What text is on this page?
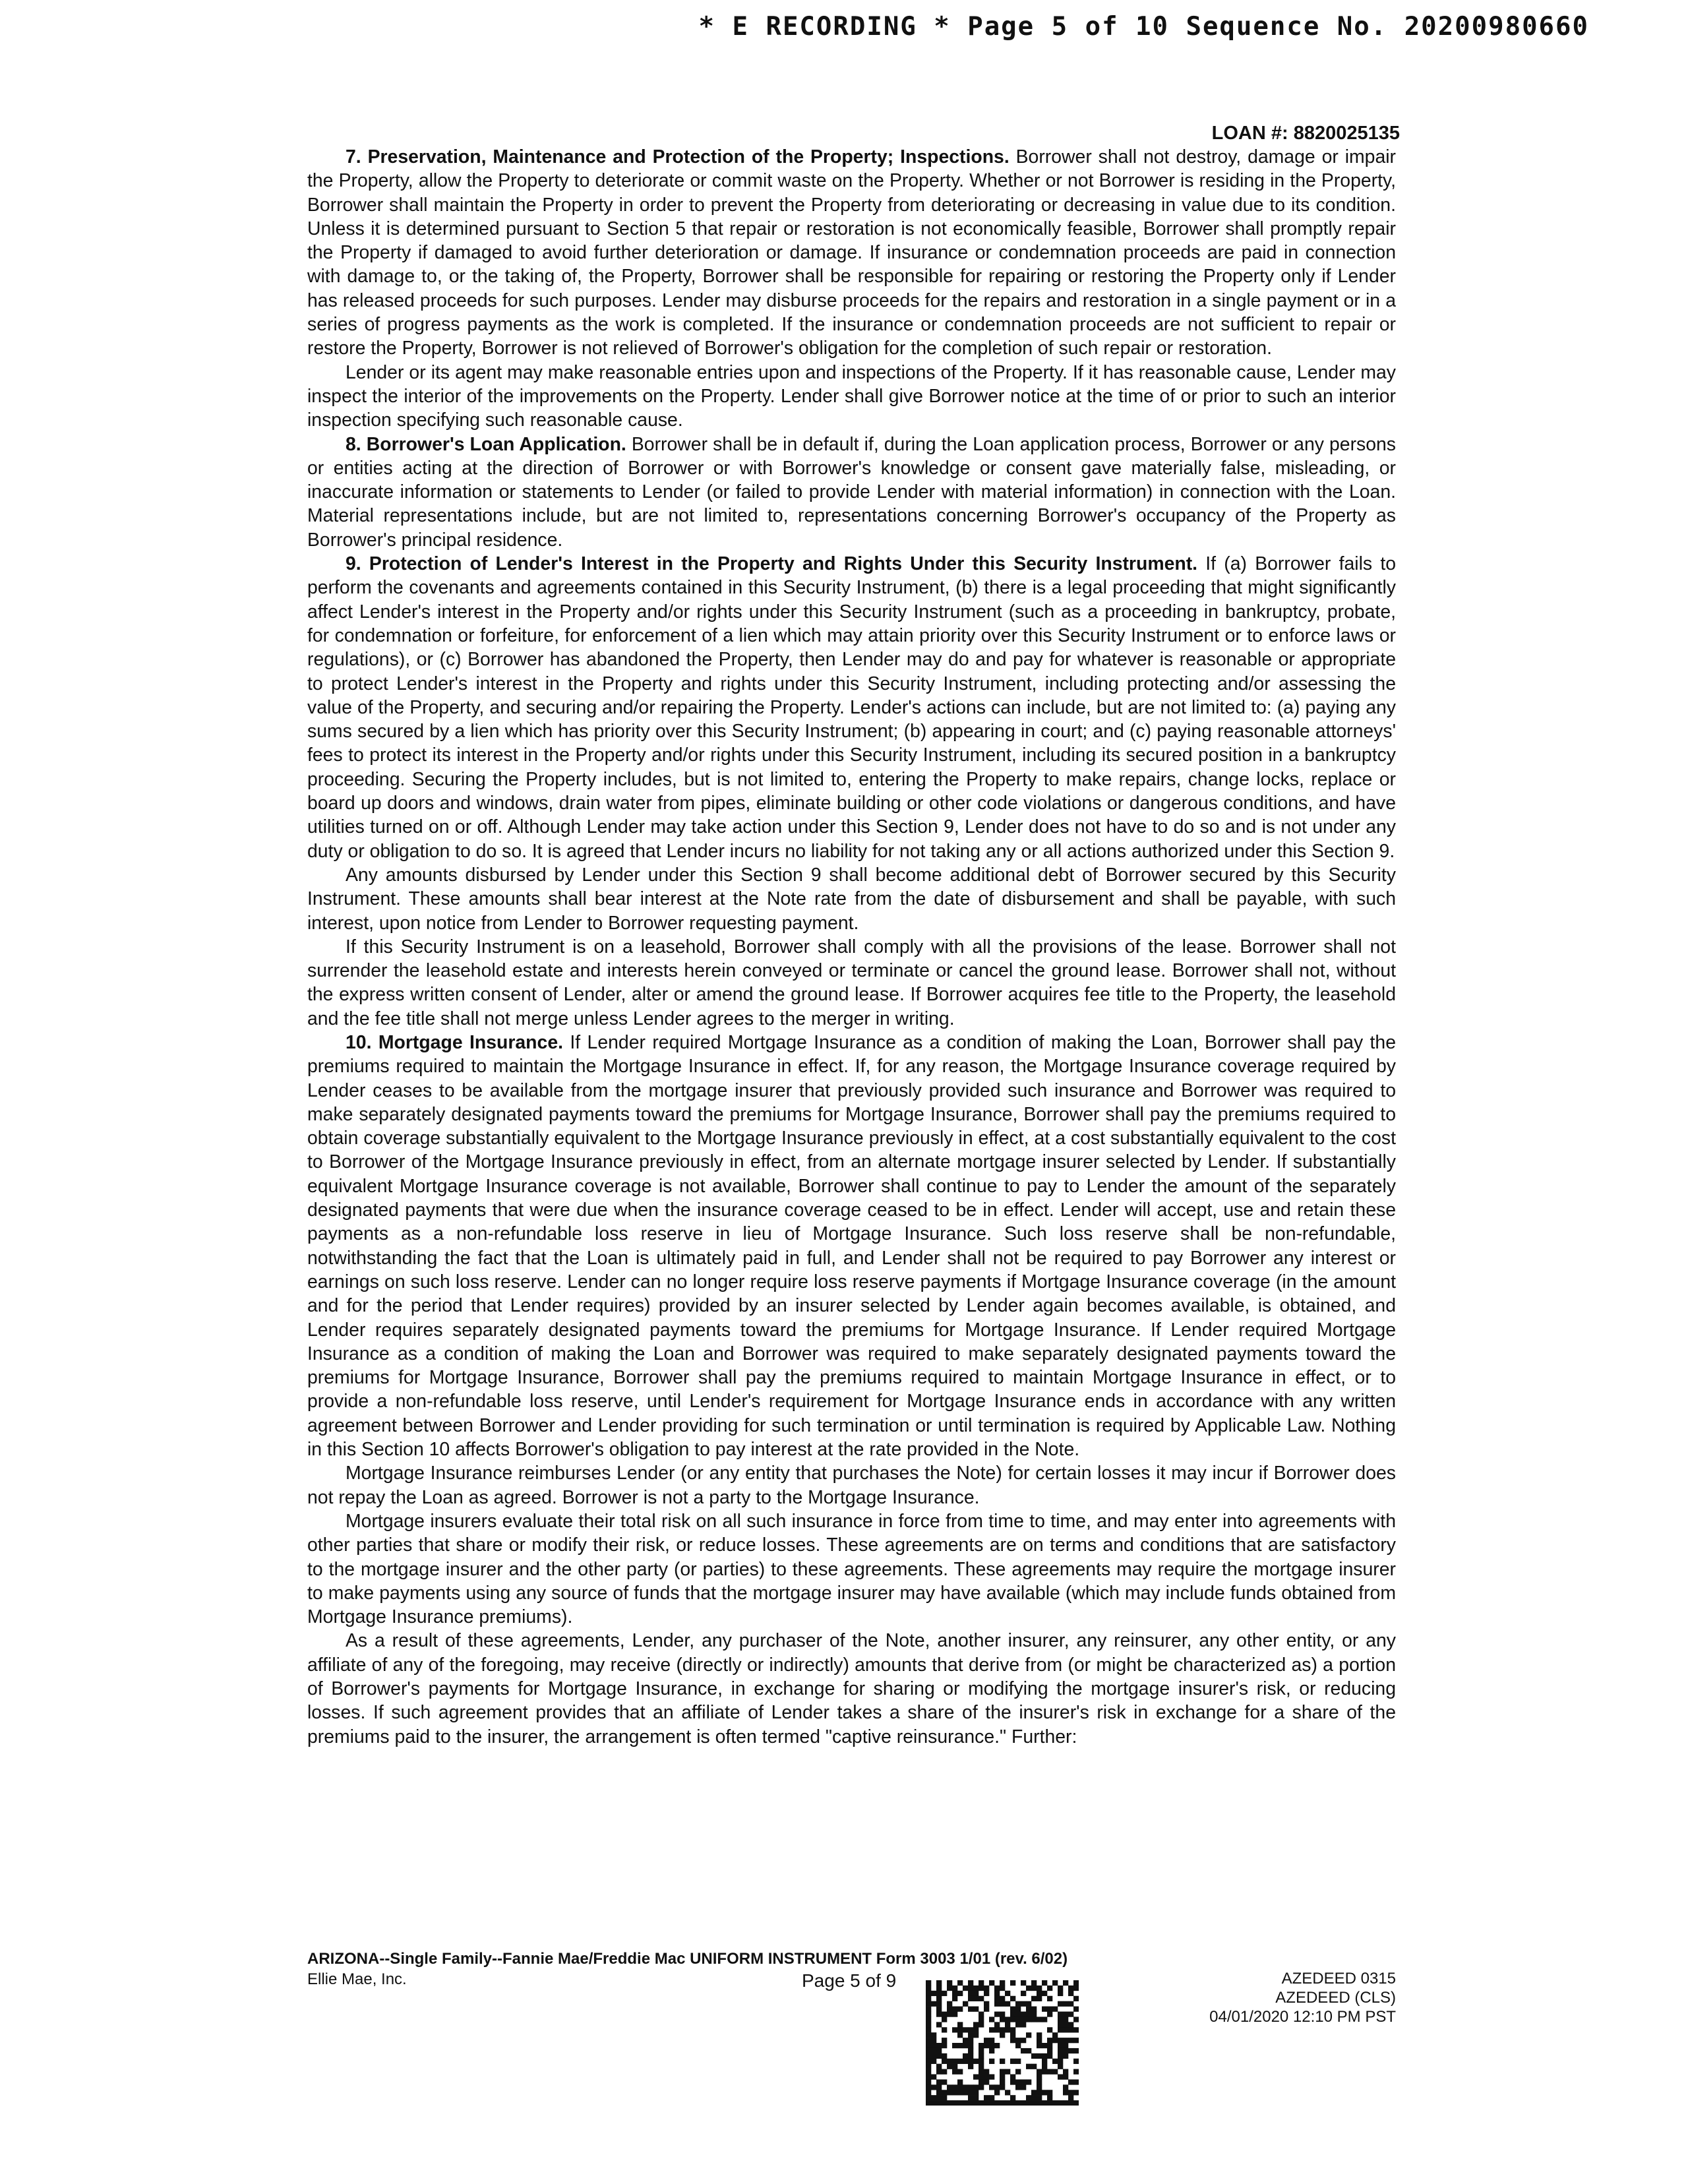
* E RECORDING * Page 5 of 10 Sequence No. 20200980660
LOAN #: 8820025135

7. Preservation, Maintenance and Protection of the Property; Inspections. Borrower shall not destroy, damage or impair the Property, allow the Property to deteriorate or commit waste on the Property. Whether or not Borrower is residing in the Property, Borrower shall maintain the Property in order to prevent the Property from deteriorating or decreasing in value due to its condition. Unless it is determined pursuant to Section 5 that repair or restoration is not economically feasible, Borrower shall promptly repair the Property if damaged to avoid further deterioration or damage. If insurance or condemnation proceeds are paid in connection with damage to, or the taking of, the Property, Borrower shall be responsible for repairing or restoring the Property only if Lender has released proceeds for such purposes. Lender may disburse proceeds for the repairs and restoration in a single payment or in a series of progress payments as the work is completed. If the insurance or condemnation proceeds are not sufficient to repair or restore the Property, Borrower is not relieved of Borrower's obligation for the completion of such repair or restoration.

Lender or its agent may make reasonable entries upon and inspections of the Property. If it has reasonable cause, Lender may inspect the interior of the improvements on the Property. Lender shall give Borrower notice at the time of or prior to such an interior inspection specifying such reasonable cause.

8. Borrower's Loan Application. Borrower shall be in default if, during the Loan application process, Borrower or any persons or entities acting at the direction of Borrower or with Borrower's knowledge or consent gave materially false, misleading, or inaccurate information or statements to Lender (or failed to provide Lender with material information) in connection with the Loan. Material representations include, but are not limited to, representations concerning Borrower's occupancy of the Property as Borrower's principal residence.

9. Protection of Lender's Interest in the Property and Rights Under this Security Instrument. If (a) Borrower fails to perform the covenants and agreements contained in this Security Instrument, (b) there is a legal proceeding that might significantly affect Lender's interest in the Property and/or rights under this Security Instrument (such as a proceeding in bankruptcy, probate, for condemnation or forfeiture, for enforcement of a lien which may attain priority over this Security Instrument or to enforce laws or regulations), or (c) Borrower has abandoned the Property, then Lender may do and pay for whatever is reasonable or appropriate to protect Lender's interest in the Property and rights under this Security Instrument, including protecting and/or assessing the value of the Property, and securing and/or repairing the Property. Lender's actions can include, but are not limited to: (a) paying any sums secured by a lien which has priority over this Security Instrument; (b) appearing in court; and (c) paying reasonable attorneys' fees to protect its interest in the Property and/or rights under this Security Instrument, including its secured position in a bankruptcy proceeding. Securing the Property includes, but is not limited to, entering the Property to make repairs, change locks, replace or board up doors and windows, drain water from pipes, eliminate building or other code violations or dangerous conditions, and have utilities turned on or off. Although Lender may take action under this Section 9, Lender does not have to do so and is not under any duty or obligation to do so. It is agreed that Lender incurs no liability for not taking any or all actions authorized under this Section 9.

Any amounts disbursed by Lender under this Section 9 shall become additional debt of Borrower secured by this Security Instrument. These amounts shall bear interest at the Note rate from the date of disbursement and shall be payable, with such interest, upon notice from Lender to Borrower requesting payment.

If this Security Instrument is on a leasehold, Borrower shall comply with all the provisions of the lease. Borrower shall not surrender the leasehold estate and interests herein conveyed or terminate or cancel the ground lease. Borrower shall not, without the express written consent of Lender, alter or amend the ground lease. If Borrower acquires fee title to the Property, the leasehold and the fee title shall not merge unless Lender agrees to the merger in writing.

10. Mortgage Insurance. If Lender required Mortgage Insurance as a condition of making the Loan, Borrower shall pay the premiums required to maintain the Mortgage Insurance in effect. If, for any reason, the Mortgage Insurance coverage required by Lender ceases to be available from the mortgage insurer that previously provided such insurance and Borrower was required to make separately designated payments toward the premiums for Mortgage Insurance, Borrower shall pay the premiums required to obtain coverage substantially equivalent to the Mortgage Insurance previously in effect, at a cost substantially equivalent to the cost to Borrower of the Mortgage Insurance previously in effect, from an alternate mortgage insurer selected by Lender. If substantially equivalent Mortgage Insurance coverage is not available, Borrower shall continue to pay to Lender the amount of the separately designated payments that were due when the insurance coverage ceased to be in effect. Lender will accept, use and retain these payments as a non-refundable loss reserve in lieu of Mortgage Insurance. Such loss reserve shall be non-refundable, notwithstanding the fact that the Loan is ultimately paid in full, and Lender shall not be required to pay Borrower any interest or earnings on such loss reserve. Lender can no longer require loss reserve payments if Mortgage Insurance coverage (in the amount and for the period that Lender requires) provided by an insurer selected by Lender again becomes available, is obtained, and Lender requires separately designated payments toward the premiums for Mortgage Insurance. If Lender required Mortgage Insurance as a condition of making the Loan and Borrower was required to make separately designated payments toward the premiums for Mortgage Insurance, Borrower shall pay the premiums required to maintain Mortgage Insurance in effect, or to provide a non-refundable loss reserve, until Lender's requirement for Mortgage Insurance ends in accordance with any written agreement between Borrower and Lender providing for such termination or until termination is required by Applicable Law. Nothing in this Section 10 affects Borrower's obligation to pay interest at the rate provided in the Note.

Mortgage Insurance reimburses Lender (or any entity that purchases the Note) for certain losses it may incur if Borrower does not repay the Loan as agreed. Borrower is not a party to the Mortgage Insurance.

Mortgage insurers evaluate their total risk on all such insurance in force from time to time, and may enter into agreements with other parties that share or modify their risk, or reduce losses. These agreements are on terms and conditions that are satisfactory to the mortgage insurer and the other party (or parties) to these agreements. These agreements may require the mortgage insurer to make payments using any source of funds that the mortgage insurer may have available (which may include funds obtained from Mortgage Insurance premiums).

As a result of these agreements, Lender, any purchaser of the Note, another insurer, any reinsurer, any other entity, or any affiliate of any of the foregoing, may receive (directly or indirectly) amounts that derive from (or might be characterized as) a portion of Borrower's payments for Mortgage Insurance, in exchange for sharing or modifying the mortgage insurer's risk, or reducing losses. If such agreement provides that an affiliate of Lender takes a share of the insurer's risk in exchange for a share of the premiums paid to the insurer, the arrangement is often termed "captive reinsurance." Further:

ARIZONA--Single Family--Fannie Mae/Freddie Mac UNIFORM INSTRUMENT Form 3003 1/01 (rev. 6/02)
Ellie Mae, Inc.	Page 5 of 9	AZEDEED 0315
AZEDEED (CLS)
04/01/2020 12:10 PM PST
